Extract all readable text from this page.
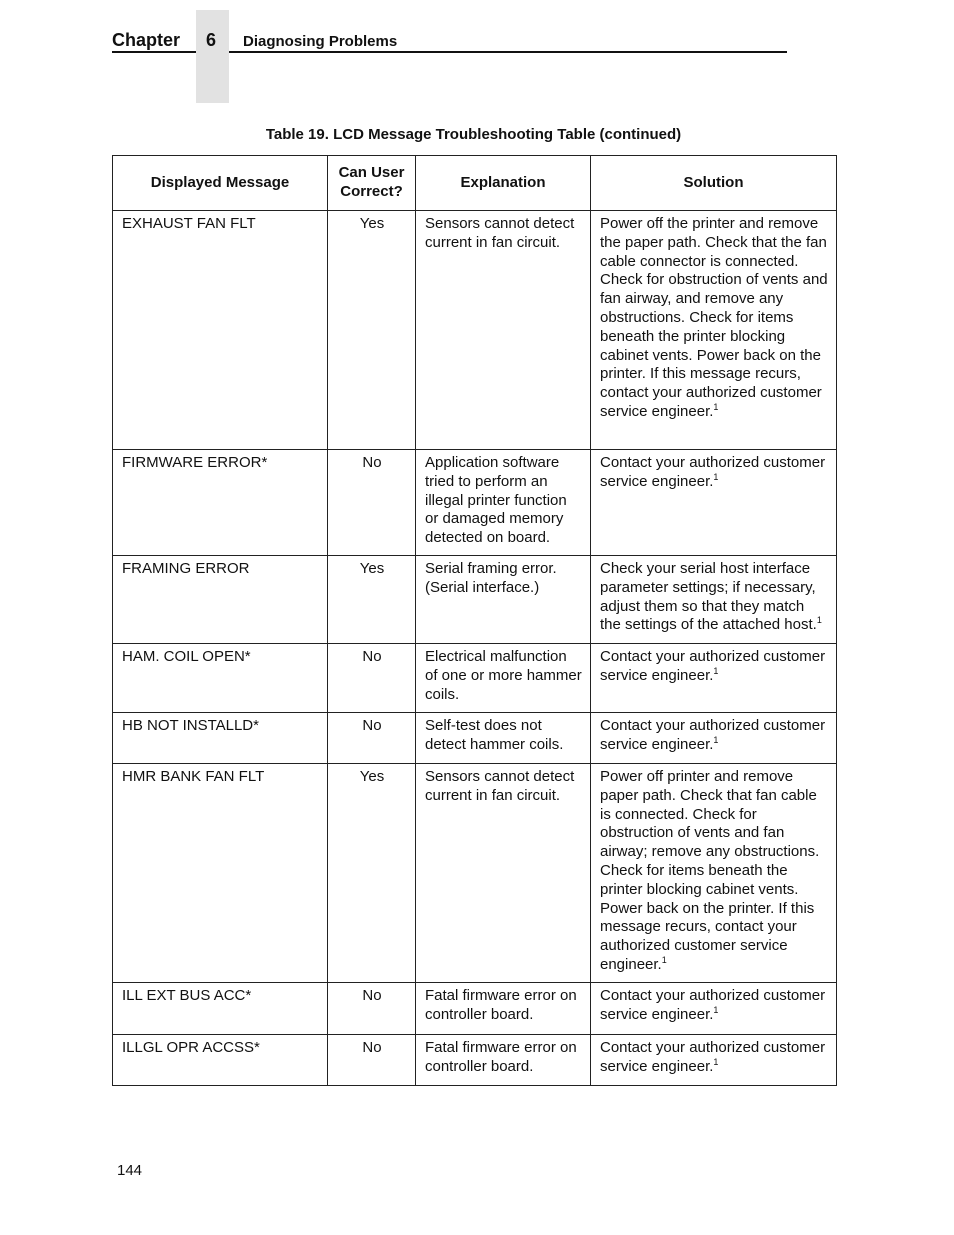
Chapter 6 Diagnosing Problems
Table 19. LCD Message Troubleshooting Table (continued)
Displayed Message	Can User Correct?	Explanation	Solution
EXHAUST FAN FLT	Yes	Sensors cannot detect current in fan circuit.	Power off the printer and remove the paper path. Check that the fan cable connector is connected. Check for obstruction of vents and fan airway, and remove any obstructions. Check for items beneath the printer blocking cabinet vents. Power back on the printer. If this message recurs, contact your authorized customer service engineer.$^1$
FIRMWARE ERROR*	No	Application software tried to perform an illegal printer function or damaged memory detected on board.	Contact your authorized customer service engineer.$^1$
FRAMING ERROR	Yes	Serial framing error. (Serial interface.)	Check your serial host interface parameter settings; if necessary, adjust them so that they match the settings of the attached host.$^1$
HAM. COIL OPEN*	No	Electrical malfunction of one or more hammer coils.	Contact your authorized customer service engineer.$^1$
HB NOT INSTALLD*	No	Self-test does not detect hammer coils.	Contact your authorized customer service engineer.$^1$
HMR BANK FAN FLT	Yes	Sensors cannot detect current in fan circuit.	Power off printer and remove paper path. Check that fan cable is connected. Check for obstruction of vents and fan airway; remove any obstructions. Check for items beneath the printer blocking cabinet vents. Power back on the printer. If this message recurs, contact your authorized customer service engineer.$^1$
ILL EXT BUS ACC*	No	Fatal firmware error on controller board.	Contact your authorized customer service engineer.$^1$
ILLGL OPR ACCSS*	No	Fatal firmware error on controller board.	Contact your authorized customer service engineer.$^1$
144
